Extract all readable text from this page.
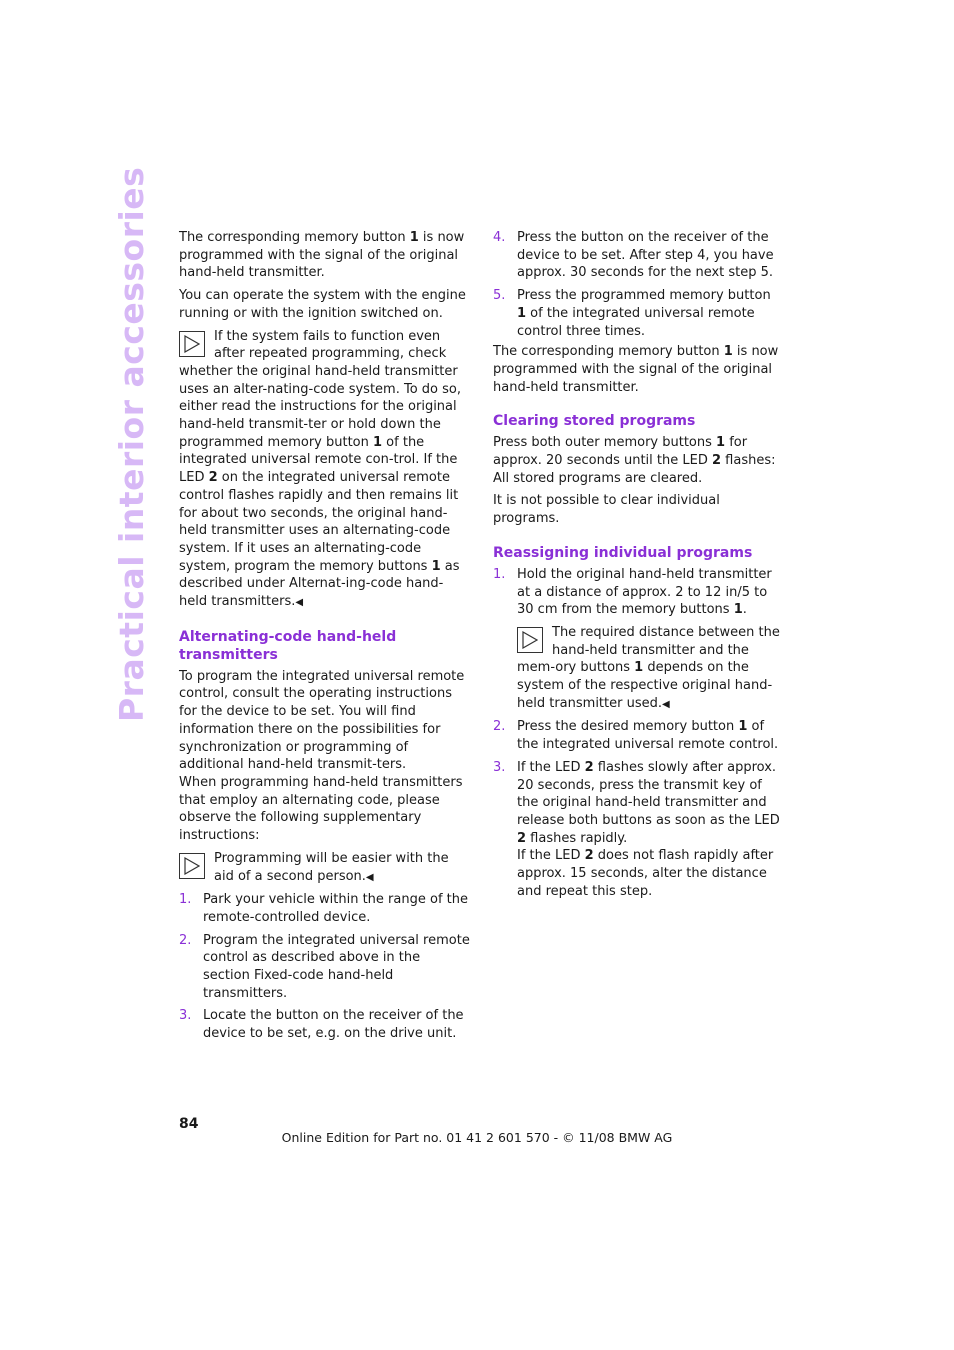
Practical interior accessories The corresponding memory button 1 is now programmed with the signal of the original hand-held transmitter.

You can operate the system with the engine running or with the ignition switched on.

If the system fails to function even after repeated programming, check whether the original hand-held transmitter uses an alter-nating-code system. To do so, either read the instructions for the original hand-held transmit-ter or hold down the programmed memory button 1 of the integrated universal remote con-trol. If the LED 2 on the integrated universal remote control flashes rapidly and then remains lit for about two seconds, the original hand-held transmitter uses an alternating-code system. If it uses an alternating-code system, program the memory buttons 1 as described under Alternat-ing-code hand-held transmitters.◀
Alternating-code hand-held transmitters

To program the integrated universal remote control, consult the operating instructions for the device to be set. You will find information there on the possibilities for synchronization or programming of additional hand-held transmit-ters.

When programming hand-held transmitters that employ an alternating code, please observe the following supplementary instructions:

Programming will be easier with the aid of a second person.◀
1. Park your vehicle within the range of the remote-controlled device.
2. Program the integrated universal remote control as described above in the section Fixed-code hand-held transmitters.
3. Locate the button on the receiver of the device to be set, e.g. on the drive unit.
4. Press the button on the receiver of the device to be set. After step 4, you have approx. 30 seconds for the next step 5.
5. Press the programmed memory button 1 of the integrated universal remote control three times.

The corresponding memory button 1 is now programmed with the signal of the original hand-held transmitter.

Clearing stored programs

Press both outer memory buttons 1 for approx. 20 seconds until the LED 2 flashes: All stored programs are cleared.

It is not possible to clear individual programs.

Reassigning individual programs
1. Hold the original hand-held transmitter at a distance of approx. 2 to 12 in/5 to 30 cm from the memory buttons 1.
The required distance between the hand-held transmitter and the mem-ory buttons 1 depends on the system of the respective original hand-held transmitter used.◀
2. Press the desired memory button 1 of the integrated universal remote control.
3. If the LED 2 flashes slowly after approx. 20 seconds, press the transmit key of the original hand-held transmitter and release both buttons as soon as the LED 2 flashes rapidly.
If the LED 2 does not flash rapidly after approx. 15 seconds, alter the distance and repeat this step.
84
Online Edition for Part no. 01 41 2 601 570 - © 11/08 BMW AG
